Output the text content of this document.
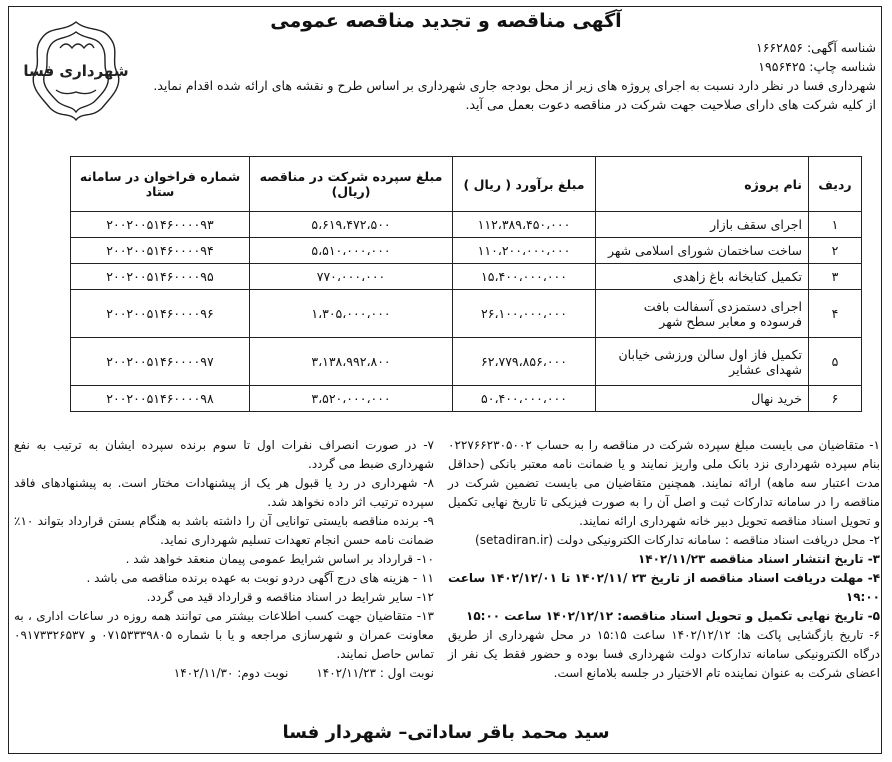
آگهی مناقصه و تجدید مناقصه عمومی
شهرداری فسا
شناسه آگهی: ۱۶۶۲۸۵۶
شناسه چاپ: ۱۹۵۶۴۲۵
شهرداری فسا در نظر دارد نسبت به اجرای پروژه های زیر از محل بودجه جاری شهرداری بر اساس طرح و نقشه های ارائه شده اقدام نماید.
از کلیه شرکت های دارای صلاحیت جهت شرکت در مناقصه دعوت بعمل می آید.
ردیف	نام پروژه	مبلغ برآورد ( ریال )	مبلغ سپرده شرکت در مناقصه (ریال)	شماره فراخوان در سامانه ستاد
۱	اجرای سقف بازار	۱۱۲،۳۸۹،۴۵۰،۰۰۰	۵،۶۱۹،۴۷۲،۵۰۰	۲۰۰۲۰۰۵۱۴۶۰۰۰۰۹۳
۲	ساخت ساختمان شورای اسلامی شهر	۱۱۰،۲۰۰،۰۰۰،۰۰۰	۵،۵۱۰،۰۰۰،۰۰۰	۲۰۰۲۰۰۵۱۴۶۰۰۰۰۹۴
۳	تکمیل کتابخانه باغ زاهدی	۱۵،۴۰۰،۰۰۰،۰۰۰	۷۷۰،۰۰۰،۰۰۰	۲۰۰۲۰۰۵۱۴۶۰۰۰۰۹۵
۴	اجرای دستمزدی آسفالت بافت فرسوده و معابر سطح شهر	۲۶،۱۰۰،۰۰۰،۰۰۰	۱،۳۰۵،۰۰۰،۰۰۰	۲۰۰۲۰۰۵۱۴۶۰۰۰۰۹۶
۵	تکمیل فاز اول سالن ورزشی خیابان شهدای عشایر	۶۲،۷۷۹،۸۵۶،۰۰۰	۳،۱۳۸،۹۹۲،۸۰۰	۲۰۰۲۰۰۵۱۴۶۰۰۰۰۹۷
۶	خرید نهال	۵۰،۴۰۰،۰۰۰،۰۰۰	۳،۵۲۰،۰۰۰،۰۰۰	۲۰۰۲۰۰۵۱۴۶۰۰۰۰۹۸

۱- متقاضیان می بایست مبلغ سپرده شرکت در مناقصه را به حساب ۰۲۲۷۶۶۲۳۰۵۰۰۲ بنام سپرده شهرداری نزد بانک ملی واریز نمایند و یا ضمانت نامه معتبر بانکی (حداقل مدت اعتبار سه ماهه) ارائه نمایند. همچنین متقاضیان می بایست تضمین شرکت در مناقصه را در سامانه تدارکات ثبت و اصل آن را به صورت فیزیکی تا تاریخ نهایی تکمیل و تحویل اسناد مناقصه تحویل دبیر خانه شهرداری ارائه نمایند.

۲- محل دریافت اسناد مناقصه : سامانه تدارکات الکترونیکی دولت (setadiran.ir)

۳- تاریخ انتشار اسناد مناقصه ۱۴۰۲/۱۱/۲۳

۴- مهلت دریافت اسناد مناقصه از تاریخ ۲۳ /۱۴۰۲/۱۱ تا ۱۴۰۲/۱۲/۰۱ ساعت ۱۹:۰۰

۵- تاریخ نهایی تکمیل و تحویل اسناد مناقصه: ۱۴۰۲/۱۲/۱۲ ساعت ۱۵:۰۰

۶- تاریخ بازگشایی پاکت ها: ۱۴۰۲/۱۲/۱۲ ساعت ۱۵:۱۵ در محل شهرداری از طریق درگاه الکترونیکی سامانه تدارکات دولت شهرداری فسا بوده و حضور فقط یک نفر از اعضای شرکت به عنوان نماینده تام الاختیار در جلسه بلامانع است.

۷- در صورت انصراف نفرات اول تا سوم برنده سپرده ایشان به ترتیب به نفع شهرداری ضبط می گردد.

۸- شهرداری در رد یا قبول هر یک از پیشنهادات مختار است. به پیشنهادهای فاقد سپرده ترتیب اثر داده نخواهد شد.

۹- برنده مناقصه بایستی توانایی آن را داشته باشد به هنگام بستن قرارداد بتواند ۱۰٪ ضمانت نامه حسن انجام تعهدات تسلیم شهرداری نماید.

۱۰- قرارداد بر اساس شرایط عمومی پیمان منعقد خواهد شد .

۱۱ - هزینه های درج آگهی دردو نوبت به عهده برنده مناقصه می باشد .

۱۲- سایر شرایط در اسناد مناقصه و قرارداد قید می گردد.

۱۳- متقاضیان جهت کسب اطلاعات بیشتر می توانند همه روزه در ساعات اداری ، به معاونت عمران و شهرسازی مراجعه و یا با شماره ۰۷۱۵۳۳۳۹۸۰۵ و ۰۹۱۷۳۳۲۶۵۳۷ تماس حاصل نمایند.

نوبت اول : ۱۴۰۲/۱۱/۲۳
نوبت دوم: ۱۴۰۲/۱۱/۳۰

سید محمد باقر ساداتی– شهردار فسا
